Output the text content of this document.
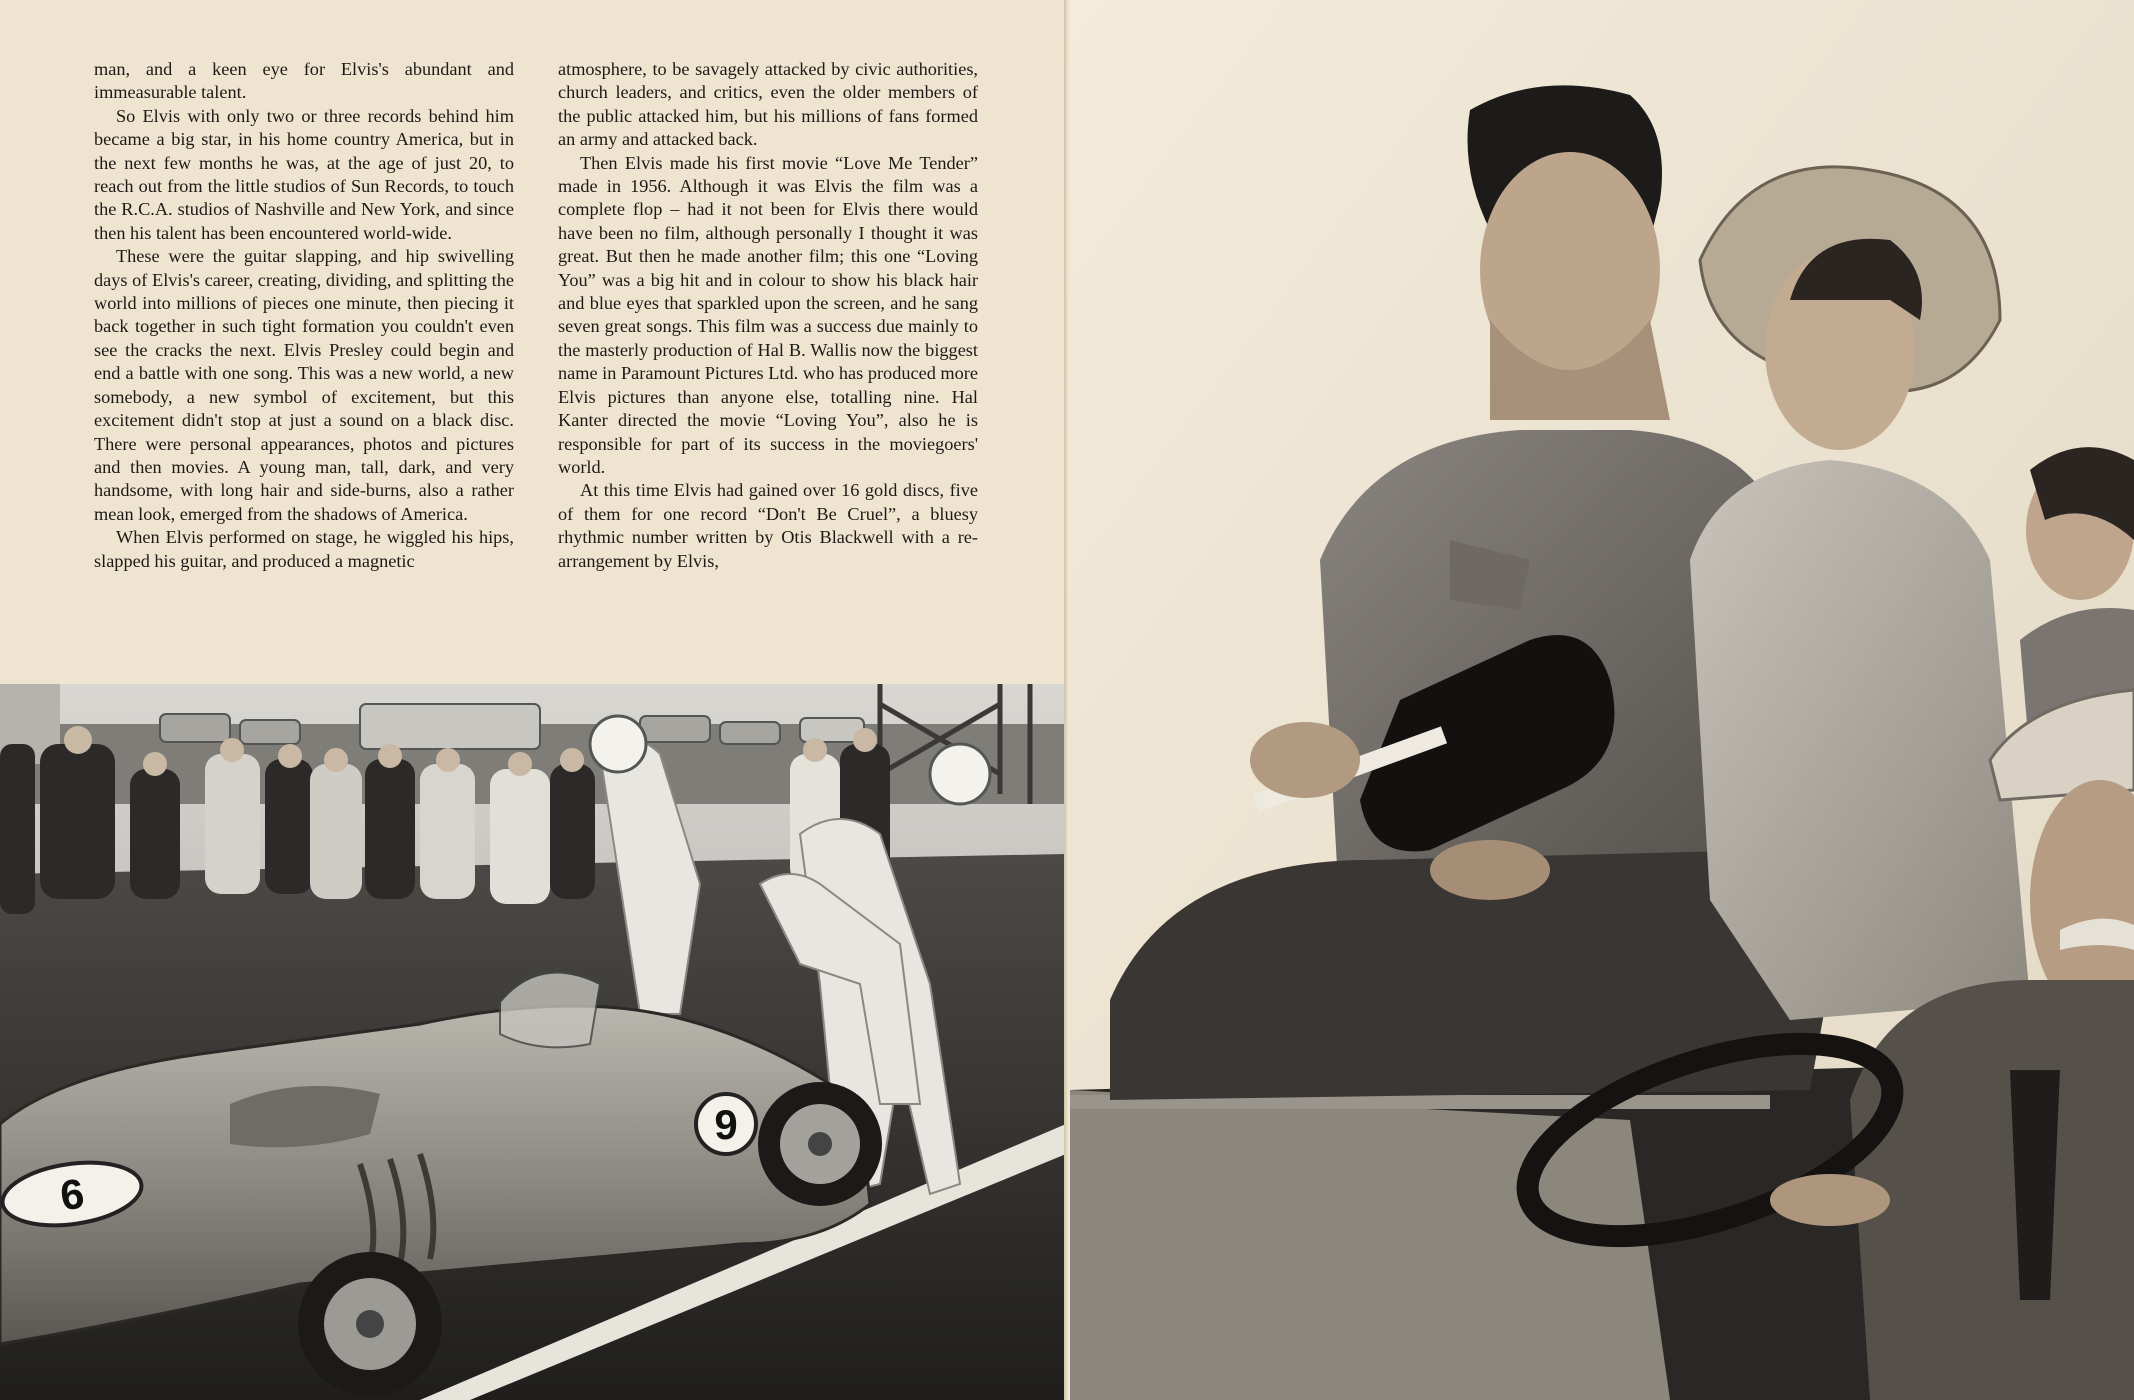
man, and a keen eye for Elvis's abundant and immeasurable talent.

So Elvis with only two or three records behind him became a big star, in his home country America, but in the next few months he was, at the age of just 20, to reach out from the little studios of Sun Records, to touch the R.C.A. studios of Nashville and New York, and since then his talent has been encountered world-wide.

These were the guitar slapping, and hip swivelling days of Elvis's career, creating, dividing, and splitting the world into millions of pieces one minute, then piecing it back together in such tight formation you couldn't even see the cracks the next. Elvis Presley could begin and end a battle with one song. This was a new world, a new somebody, a new symbol of excitement, but this excitement didn't stop at just a sound on a black disc. There were personal appearances, photos and pictures and then movies. A young man, tall, dark, and very handsome, with long hair and side-burns, also a rather mean look, emerged from the shadows of America.

When Elvis performed on stage, he wiggled his hips, slapped his guitar, and produced a magnetic

atmosphere, to be savagely attacked by civic authorities, church leaders, and critics, even the older members of the public attacked him, but his millions of fans formed an army and attacked back.

Then Elvis made his first movie “Love Me Tender” made in 1956. Although it was Elvis the film was a complete flop – had it not been for Elvis there would have been no film, although personally I thought it was great. But then he made another film; this one “Loving You” was a big hit and in colour to show his black hair and blue eyes that sparkled upon the screen, and he sang seven great songs. This film was a success due mainly to the masterly production of Hal B. Wallis now the biggest name in Paramount Pictures Ltd. who has produced more Elvis pictures than anyone else, totalling nine. Hal Kanter directed the movie “Loving You”, also he is responsible for part of its success in the moviegoers' world.

At this time Elvis had gained over 16 gold discs, five of them for one record “Don't Be Cruel”, a bluesy rhythmic number written by Otis Blackwell with a re-arrangement by Elvis,

9
9
